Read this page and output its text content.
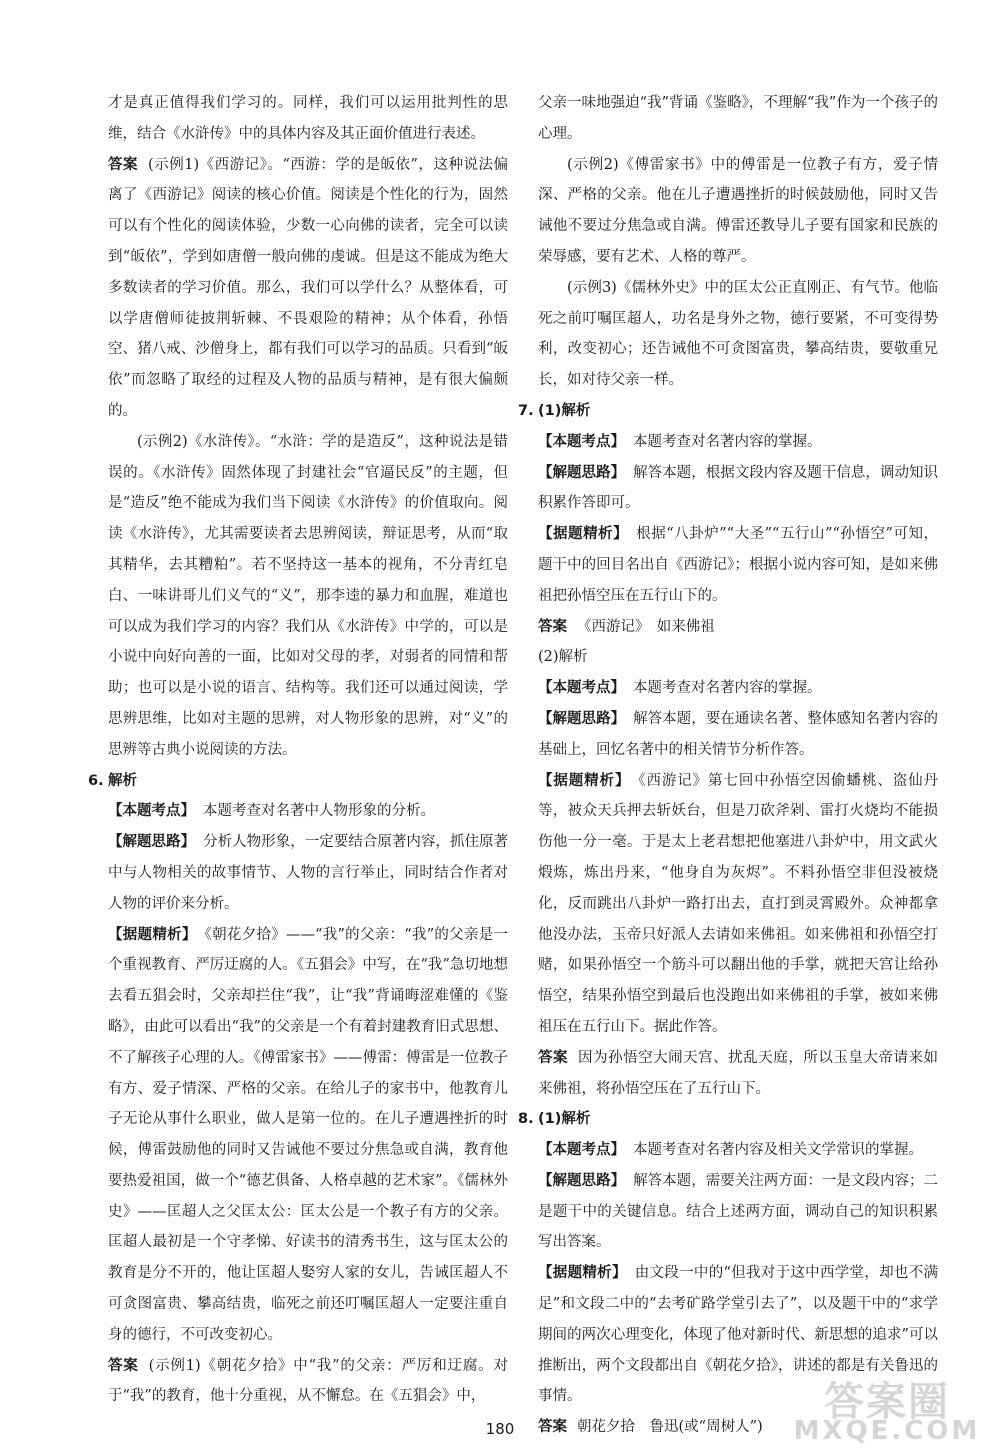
才是真正值得我们学习的。同样，我们可以运用批判性的思维，结合《水浒传》中的具体内容及其正面价值进行表述。
答案 (示例1)《西游记》。“西游：学的是皈依”，这种说法偏离了《西游记》阅读的核心价值。阅读是个性化的行为，固然可以有个性化的阅读体验，少数一心向佛的读者，完全可以读到“皈依”，学到如唐僧一般向佛的虔诚。但是这不能成为绝大多数读者的学习价值。那么，我们可以学什么？从整体看，可以学唐僧师徒披荆斩棘、不畏艰险的精神；从个体看，孙悟空、猪八戒、沙僧身上，都有我们可以学习的品质。只看到“皈依”而忽略了取经的过程及人物的品质与精神，是有很大偏颇的。
(示例2)《水浒传》。“水浒：学的是造反”，这种说法是错误的。《水浒传》固然体现了封建社会“官逼民反”的主题，但是“造反”绝不能成为我们当下阅读《水浒传》的价值取向。阅读《水浒传》，尤其需要读者去思辨阅读，辩证思考，从而“取其精华，去其糟粕”。若不坚持这一基本的视角，不分青红皂白、一味讲哥儿们义气的“义”，那李逵的暴力和血腥，难道也可以成为我们学习的内容？我们从《水浒传》中学的，可以是小说中向好向善的一面，比如对父母的孝，对弱者的同情和帮助；也可以是小说的语言、结构等。我们还可以通过阅读，学思辨思维，比如对主题的思辨，对人物形象的思辨，对“义”的思辨等古典小说阅读的方法。
6. 解析
【本题考点】 本题考查对名著中人物形象的分析。
【解题思路】 分析人物形象，一定要结合原著内容，抓住原著中与人物相关的故事情节、人物的言行举止，同时结合作者对人物的评价来分析。
【据题精析】 《朝花夕拾》——“我”的父亲：“我”的父亲是一个重视教育、严厉迂腐的人。《五猖会》中写，在“我”急切地想去看五猖会时，父亲却拦住“我”，让“我”背诵晦涩难懂的《鉴略》，由此可以看出“我”的父亲是一个有着封建教育旧式思想、不了解孩子心理的人。《傅雷家书》——傅雷：傅雷是一位教子有方、爱子情深、严格的父亲。在给儿子的家书中，他教育儿子无论从事什么职业，做人是第一位的。在儿子遭遇挫折的时候，傅雷鼓励他的同时又告诫他不要过分焦急或自满，教育他要热爱祖国，做一个“德艺俱备、人格卓越的艺术家”。《儒林外史》——匡超人之父匡太公：匡太公是一个教子有方的父亲。匡超人最初是一个守孝悌、好读书的清秀书生，这与匡太公的教育是分不开的，他让匡超人娶穷人家的女儿，告诫匡超人不可贪图富贵、攀高结贵，临死之前还叮嘱匡超人一定要注重自身的德行，不可改变初心。
答案 (示例1)《朝花夕拾》中“我”的父亲：严厉和迂腐。对于“我”的教育，他十分重视，从不懈怠。在《五猖会》中，
父亲一味地强迫“我”背诵《鉴略》，不理解“我”作为一个孩子的心理。
(示例2)《傅雷家书》中的傅雷是一位教子有方，爱子情深、严格的父亲。他在儿子遭遇挫折的时候鼓励他，同时又告诫他不要过分焦急或自满。傅雷还教导儿子要有国家和民族的荣辱感，要有艺术、人格的尊严。
(示例3)《儒林外史》中的匡太公正直刚正、有气节。他临死之前叮嘱匡超人，功名是身外之物，德行要紧，不可变得势利，改变初心；还告诫他不可贪图富贵，攀高结贵，要敬重兄长，如对待父亲一样。
7. (1)解析
【本题考点】 本题考查对名著内容的掌握。
【解题思路】 解答本题，根据文段内容及题干信息，调动知识积累作答即可。
【据题精析】 根据“八卦炉”“大圣”“五行山”“孙悟空”可知，题干中的回目名出自《西游记》；根据小说内容可知，是如来佛祖把孙悟空压在五行山下的。
答案 《西游记》　如来佛祖
(2)解析
【本题考点】 本题考查对名著内容的掌握。
【解题思路】 解答本题，要在通读名著、整体感知名著内容的基础上，回忆名著中的相关情节分析作答。
【据题精析】 《西游记》第七回中孙悟空因偷蟠桃、盗仙丹等，被众天兵押去斩妖台，但是刀砍斧剁、雷打火烧均不能损伤他一分一毫。于是太上老君想把他塞进八卦炉中，用文武火煅炼，炼出丹来，“他身自为灰烬”。不料孙悟空非但没被烧化，反而跳出八卦炉一路打出去，直打到灵霄殿外。众神都拿他没办法，玉帝只好派人去请如来佛祖。如来佛祖和孙悟空打赌，如果孙悟空一个筋斗可以翻出他的手掌，就把天宫让给孙悟空，结果孙悟空到最后也没跑出如来佛祖的手掌，被如来佛祖压在五行山下。据此作答。
答案 因为孙悟空大闹天宫、扰乱天庭，所以玉皇大帝请来如来佛祖，将孙悟空压在了五行山下。
8. (1)解析
【本题考点】 本题考查对名著内容及相关文学常识的掌握。
【解题思路】 解答本题，需要关注两方面：一是文段内容；二是题干中的关键信息。结合上述两方面，调动自己的知识积累写出答案。
【据题精析】 由文段一中的“但我对于这中西学堂，却也不满足”和文段二中的“去考矿路学堂引去了”，以及题干中的“求学期间的两次心理变化，体现了他对新时代、新思想的追求”可以推断出，两个文段都出自《朝花夕拾》，讲述的都是有关鲁迅的事情。
答案 朝花夕拾　鲁迅(或“周树人”)
180
答案圈
MXQE.COM
